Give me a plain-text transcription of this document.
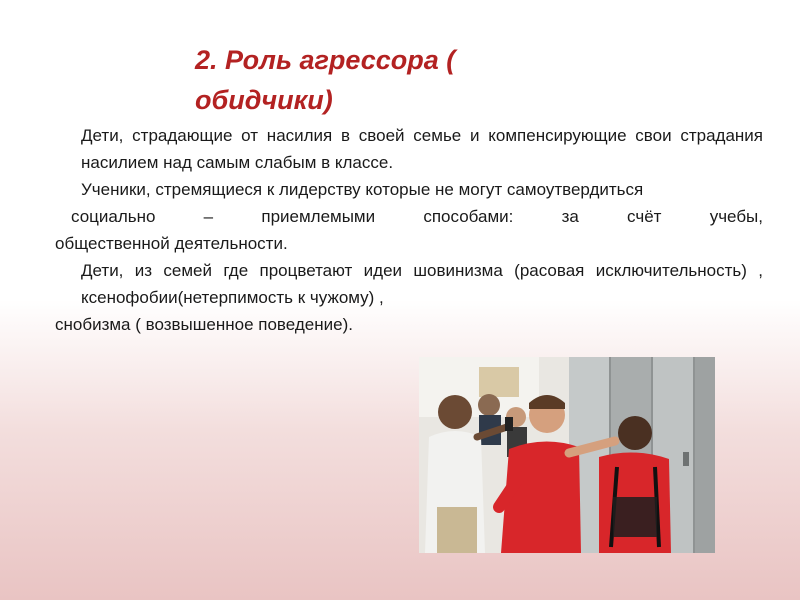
2. Роль агрессора ( обидчики)
Дети, страдающие от насилия в своей семье и компенсирующие свои страдания насилием над самым слабым в классе.
Ученики, стремящиеся к лидерству которые не могут самоутвердиться
социально – приемлемыми способами: за счёт учебы,
общественной деятельности.
Дети, из семей где процветают идеи шовинизма (расовая исключительность) , ксенофобии(нетерпимость к чужому) ,
снобизма ( возвышенное поведение).
